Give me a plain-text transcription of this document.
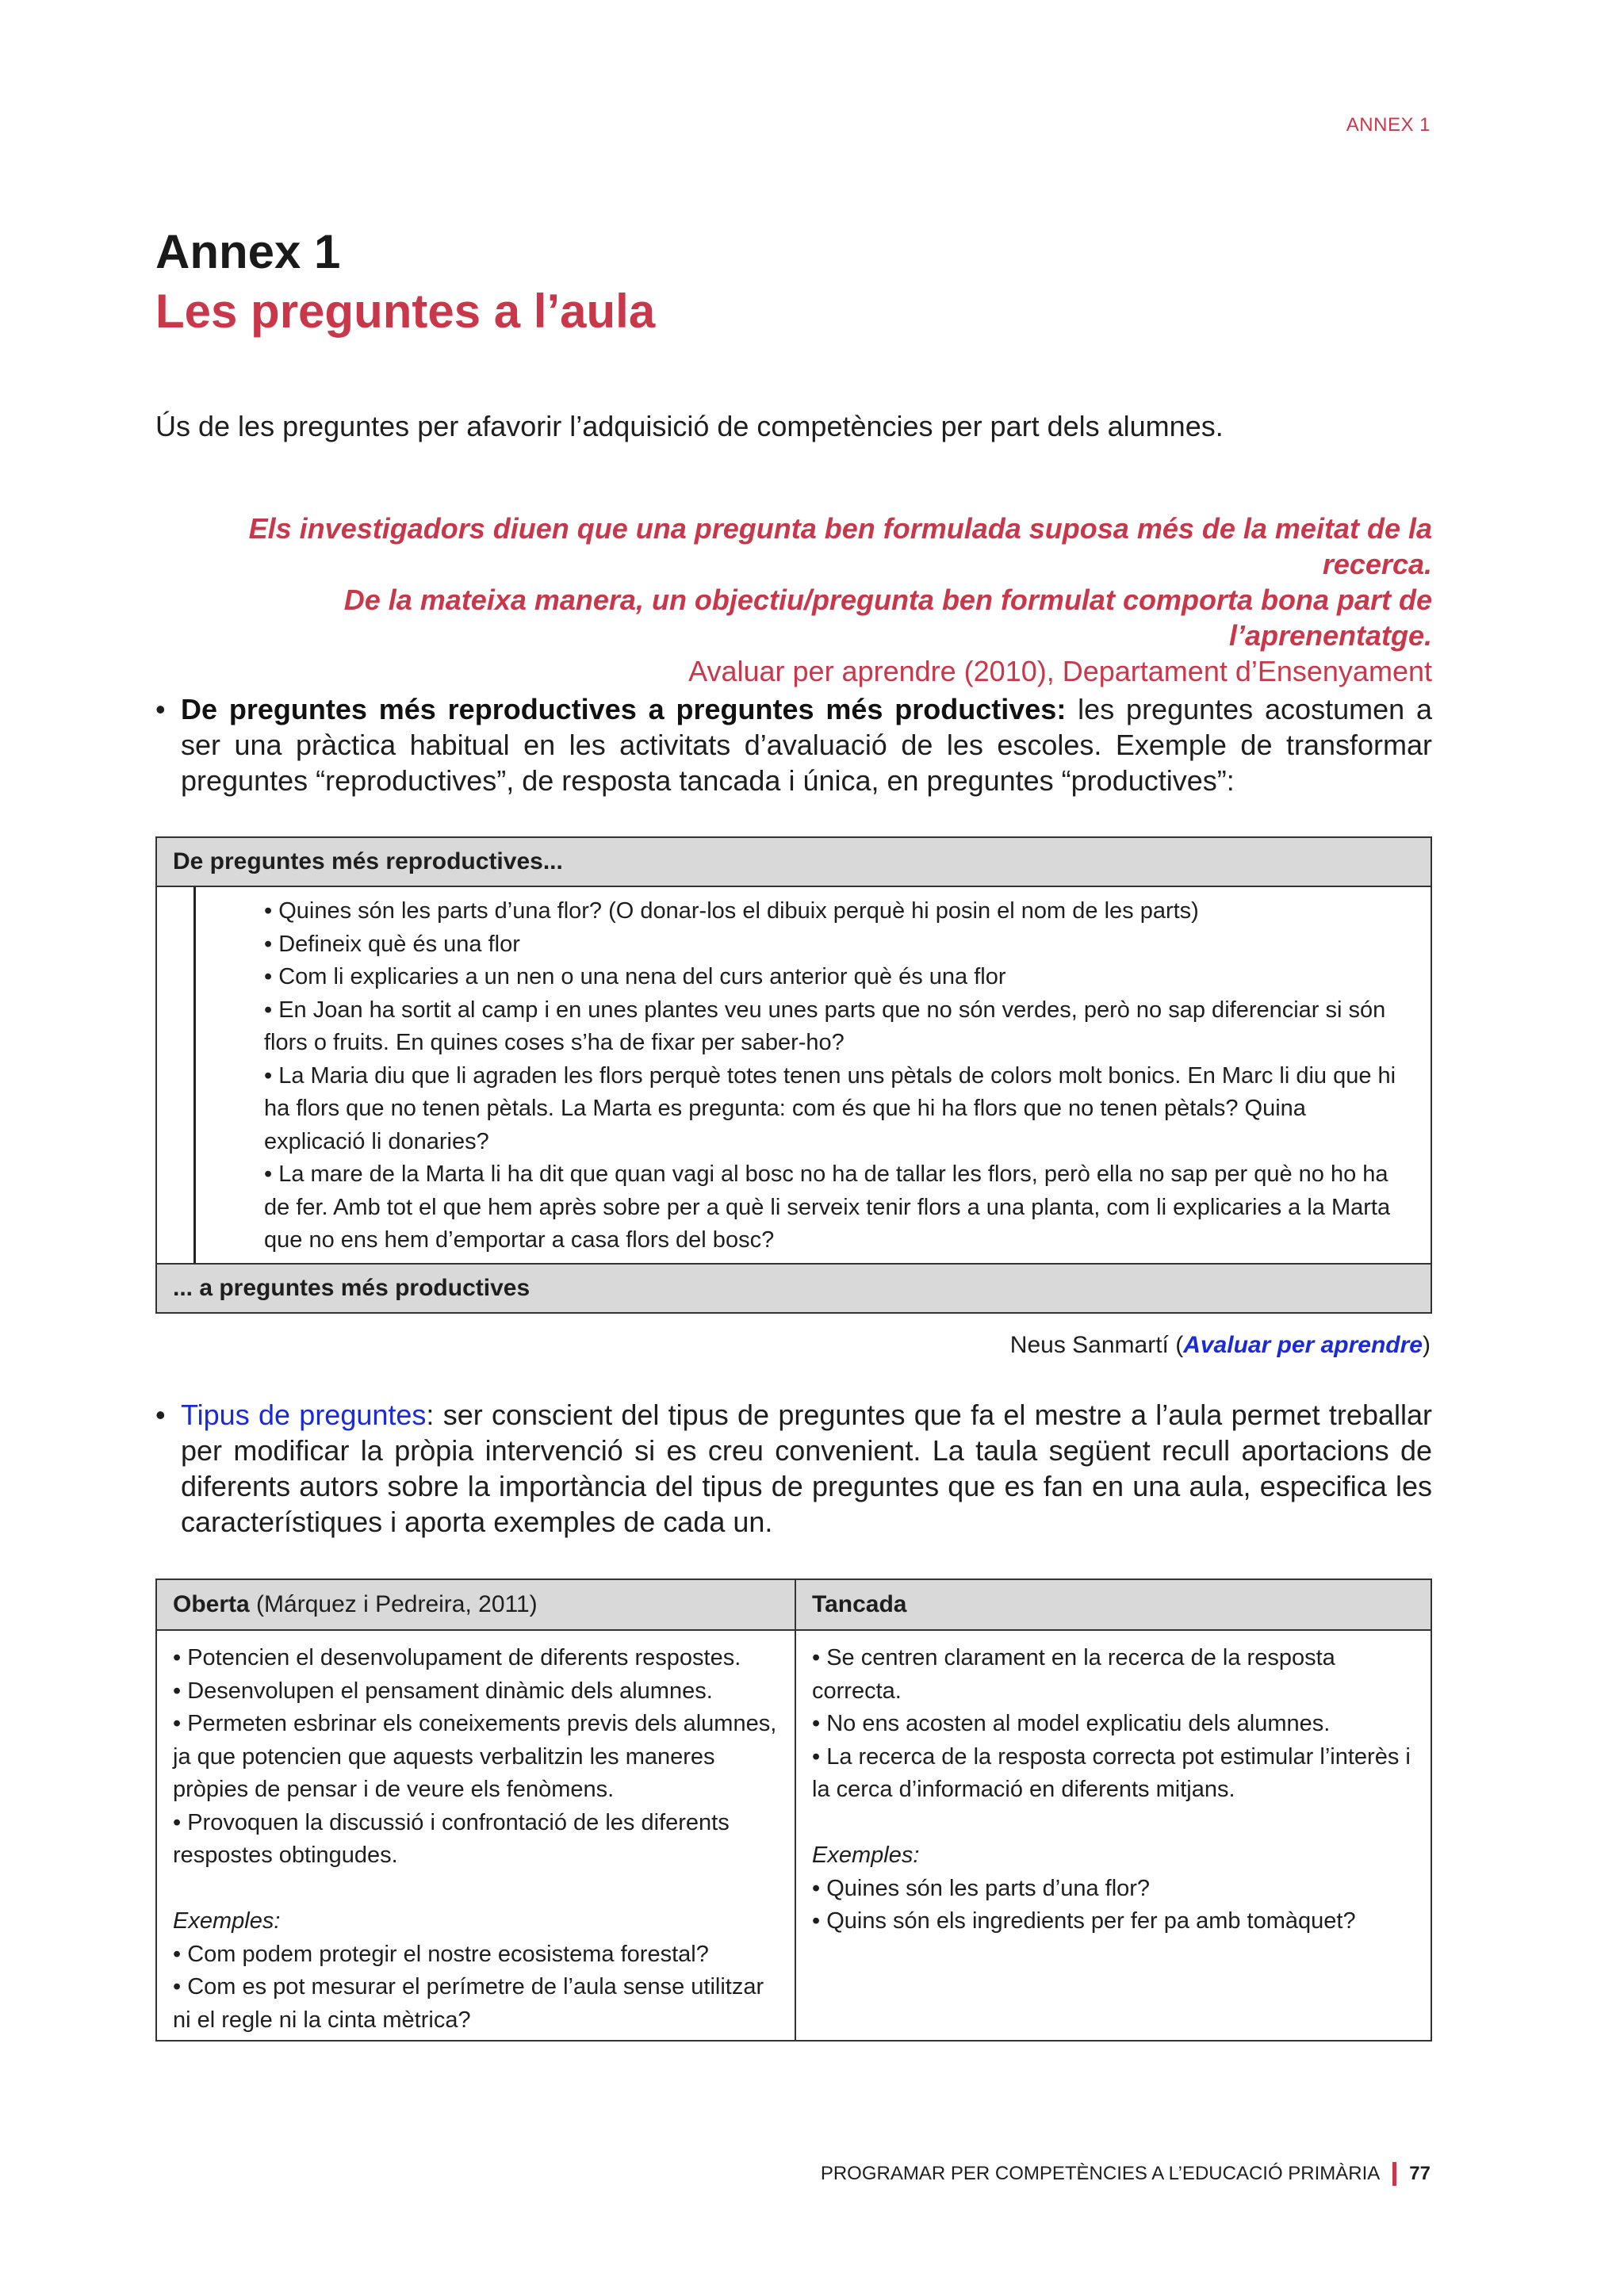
ANNEX 1
Annex 1
Les preguntes a l’aula
Ús de les preguntes per afavorir l’adquisició de competències per part dels alumnes.
Els investigadors diuen que una pregunta ben formulada suposa més de la meitat de la recerca.
De la mateixa manera, un objectiu/pregunta ben formulat comporta bona part de l’aprenentatge.
Avaluar per aprendre (2010), Departament d’Ensenyament
• De preguntes més reproductives a preguntes més productives: les preguntes acostumen a ser una pràctica habitual en les activitats d’avaluació de les escoles. Exemple de transformar preguntes “reproductives”, de resposta tancada i única, en preguntes “productives”:
De preguntes més reproductives...

• Quines són les parts d’una flor? (O donar-los el dibuix perquè hi posin el nom de les parts)

• Defineix què és una flor

• Com li explicaries a un nen o una nena del curs anterior què és una flor

• En Joan ha sortit al camp i en unes plantes veu unes parts que no són verdes, però no sap diferenciar si són flors o fruits. En quines coses s’ha de fixar per saber-ho?

• La Maria diu que li agraden les flors perquè totes tenen uns pètals de colors molt bonics. En Marc li diu que hi ha flors que no tenen pètals. La Marta es pregunta: com és que hi ha flors que no tenen pètals? Quina explicació li donaries?

• La mare de la Marta li ha dit que quan vagi al bosc no ha de tallar les flors, però ella no sap per què no ho ha de fer. Amb tot el que hem après sobre per a què li serveix tenir flors a una planta, com li explicaries a la Marta que no ens hem d’emportar a casa flors del bosc?

... a preguntes més productives
Neus Sanmartí (Avaluar per aprendre)
• Tipus de preguntes: ser conscient del tipus de preguntes que fa el mestre a l’aula permet treballar per modificar la pròpia intervenció si es creu convenient. La taula següent recull aportacions de diferents autors sobre la importància del tipus de preguntes que es fan en una aula, especifica les característiques i aporta exemples de cada un.
Oberta (Márquez i Pedreira, 2011)	Tancada

• Potencien el desenvolupament de diferents respostes.

• Desenvolupen el pensament dinàmic dels alumnes.

• Permeten esbrinar els coneixements previs dels alumnes, ja que potencien que aquests verbalitzin les maneres pròpies de pensar i de veure els fenòmens.

• Provoquen la discussió i confrontació de les diferents respostes obtingudes.

Exemples:

• Com podem protegir el nostre ecosistema forestal?

• Com es pot mesurar el perímetre de l’aula sense utilitzar ni el regle ni la cinta mètrica?

• Se centren clarament en la recerca de la resposta correcta.

• No ens acosten al model explicatiu dels alumnes.

• La recerca de la resposta correcta pot estimular l’interès i la cerca d’informació en diferents mitjans.

Exemples:

• Quines són les parts d’una flor?

• Quins són els ingredients per fer pa amb tomàquet?

PROGRAMAR PER COMPETÈNCIES A L’EDUCACIÓ PRIMÀRIA 77
